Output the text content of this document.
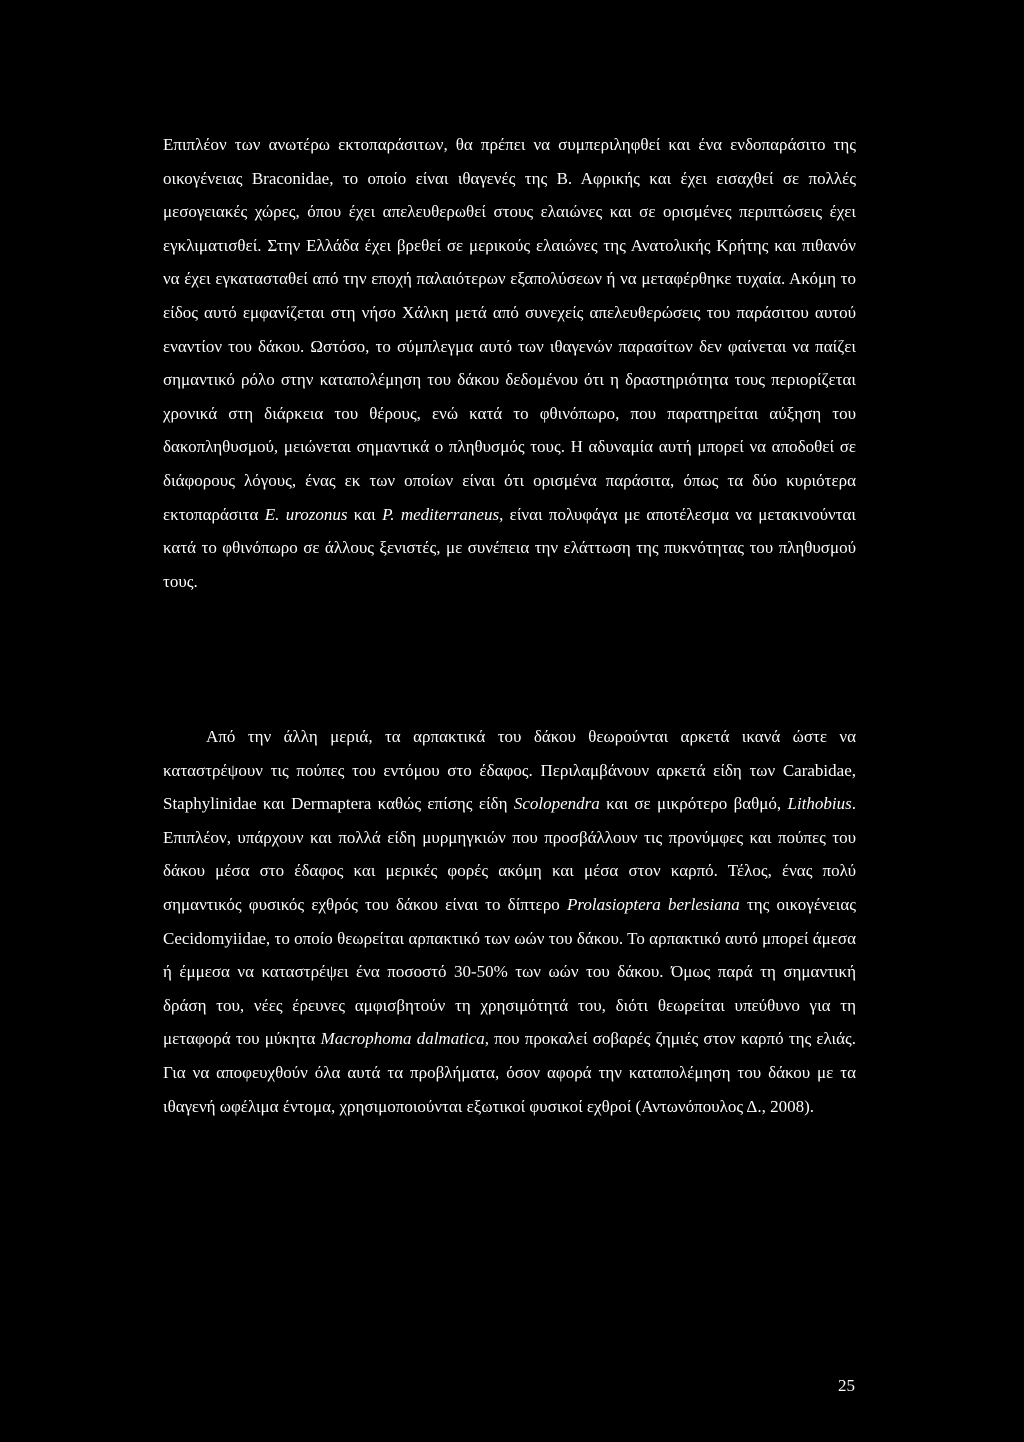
Επιπλέον των ανωτέρω εκτοπαράσιτων, θα πρέπει να συμπεριληφθεί και ένα ενδοπαράσιτο της οικογένειας Braconidae, το οποίο είναι ιθαγενές της Β. Αφρικής και έχει εισαχθεί σε πολλές μεσογειακές χώρες, όπου έχει απελευθερωθεί στους ελαιώνες και σε ορισμένες περιπτώσεις έχει εγκλιματισθεί. Στην Ελλάδα έχει βρεθεί σε μερικούς ελαιώνες της Ανατολικής Κρήτης και πιθανόν να έχει εγκατασταθεί από την εποχή παλαιότερων εξαπολύσεων ή να μεταφέρθηκε τυχαία. Ακόμη το είδος αυτό εμφανίζεται στη νήσο Χάλκη μετά από συνεχείς απελευθερώσεις του παράσιτου αυτού εναντίον του δάκου. Ωστόσο, το σύμπλεγμα αυτό των ιθαγενών παρασίτων δεν φαίνεται να παίζει σημαντικό ρόλο στην καταπολέμηση του δάκου δεδομένου ότι η δραστηριότητα τους περιορίζεται χρονικά στη διάρκεια του θέρους, ενώ κατά το φθινόπωρο, που παρατηρείται αύξηση του δακοπληθυσμού, μειώνεται σημαντικά ο πληθυσμός τους. Η αδυναμία αυτή μπορεί να αποδοθεί σε διάφορους λόγους, ένας εκ των οποίων είναι ότι ορισμένα παράσιτα, όπως τα δύο κυριότερα εκτοπαράσιτα E. urozonus και P. mediterraneus, είναι πολυφάγα με αποτέλεσμα να μετακινούνται κατά το φθινόπωρο σε άλλους ξενιστές, με συνέπεια την ελάττωση της πυκνότητας του πληθυσμού τους.

Από την άλλη μεριά, τα αρπακτικά του δάκου θεωρούνται αρκετά ικανά ώστε να καταστρέψουν τις πούπες του εντόμου στο έδαφος. Περιλαμβάνουν αρκετά είδη των Carabidae, Staphylinidae και Dermaptera καθώς επίσης είδη Scolopendra και σε μικρότερο βαθμό, Lithobius. Επιπλέον, υπάρχουν και πολλά είδη μυρμηγκιών που προσβάλλουν τις προνύμφες και πούπες του δάκου μέσα στο έδαφος και μερικές φορές ακόμη και μέσα στον καρπό. Τέλος, ένας πολύ σημαντικός φυσικός εχθρός του δάκου είναι το δίπτερο Prolasioptera berlesiana της οικογένειας Cecidomyiidae, το οποίο θεωρείται αρπακτικό των ωών του δάκου. Το αρπακτικό αυτό μπορεί άμεσα ή έμμεσα να καταστρέψει ένα ποσοστό 30-50% των ωών του δάκου. Όμως παρά τη σημαντική δράση του, νέες έρευνες αμφισβητούν τη χρησιμότητά του, διότι θεωρείται υπεύθυνο για τη μεταφορά του μύκητα Macrophoma dalmatica, που προκαλεί σοβαρές ζημιές στον καρπό της ελιάς. Για να αποφευχθούν όλα αυτά τα προβλήματα, όσον αφορά την καταπολέμηση του δάκου με τα ιθαγενή ωφέλιμα έντομα, χρησιμοποιούνται εξωτικοί φυσικοί εχθροί (Αντωνόπουλος Δ., 2008).

25
